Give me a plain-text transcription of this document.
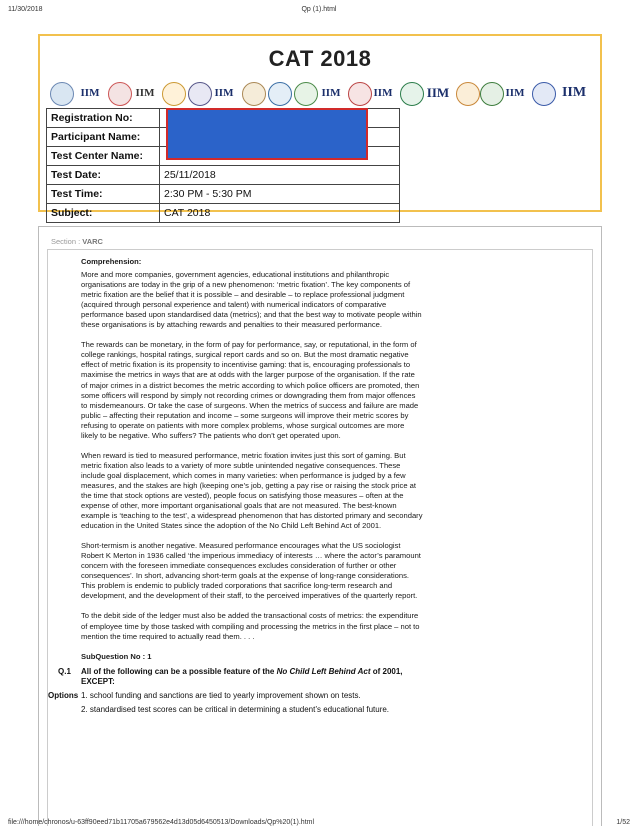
11/30/2018	Qp (1).html
CAT 2018
IIM	IIM	IIM	IIM	IIM	IIM	IIM	IIM
Registration No:	
Participant Name:	
Test Center Name:	
Test Date:	25/11/2018
Test Time:	2:30 PM - 5:30 PM
Subject:	CAT 2018
Section : VARC
Comprehension:

More and more companies, government agencies, educational institutions and philanthropic organisations are today in the grip of a new phenomenon: ‘metric fixation’. The key components of metric fixation are the belief that it is possible – and desirable – to replace professional judgment (acquired through personal experience and talent) with numerical indicators of comparative performance based upon standardised data (metrics); and that the best way to motivate people within these organisations is by attaching rewards and penalties to their measured performance.

The rewards can be monetary, in the form of pay for performance, say, or reputational, in the form of college rankings, hospital ratings, surgical report cards and so on. But the most dramatic negative effect of metric fixation is its propensity to incentivise gaming: that is, encouraging professionals to maximise the metrics in ways that are at odds with the larger purpose of the organisation. If the rate of major crimes in a district becomes the metric according to which police officers are promoted, then some officers will respond by simply not recording crimes or downgrading them from major offences to misdemeanours. Or take the case of surgeons. When the metrics of success and failure are made public – affecting their reputation and income – some surgeons will improve their metric scores by refusing to operate on patients with more complex problems, whose surgical outcomes are more likely to be negative. Who suffers? The patients who don’t get operated upon.

When reward is tied to measured performance, metric fixation invites just this sort of gaming. But metric fixation also leads to a variety of more subtle unintended negative consequences. These include goal displacement, which comes in many varieties: when performance is judged by a few measures, and the stakes are high (keeping one’s job, getting a pay rise or raising the stock price at the time that stock options are vested), people focus on satisfying those measures – often at the expense of other, more important organisational goals that are not measured. The best-known example is ‘teaching to the test’, a widespread phenomenon that has distorted primary and secondary education in the United States since the adoption of the No Child Left Behind Act of 2001.

Short-termism is another negative. Measured performance encourages what the US sociologist Robert K Merton in 1936 called ‘the imperious immediacy of interests … where the actor’s paramount concern with the foreseen immediate consequences excludes consideration of further or other consequences’. In short, advancing short-term goals at the expense of long-range considerations. This problem is endemic to publicly traded corporations that sacrifice long-term research and development, and the development of their staff, to the perceived imperatives of the quarterly report.

To the debit side of the ledger must also be added the transactional costs of metrics: the expenditure of employee time by those tasked with compiling and processing the metrics in the first place – not to mention the time required to actually read them. . . .

SubQuestion No : 1
Q.1 All of the following can be a possible feature of the No Child Left Behind Act of 2001, EXCEPT:
Options 1. school funding and sanctions are tied to yearly improvement shown on tests.
2. standardised test scores can be critical in determining a student’s educational future.
file:///home/chronos/u-63ff90eed71b11705a679562e4d13d05d6450513/Downloads/Qp%20(1).html	1/52
